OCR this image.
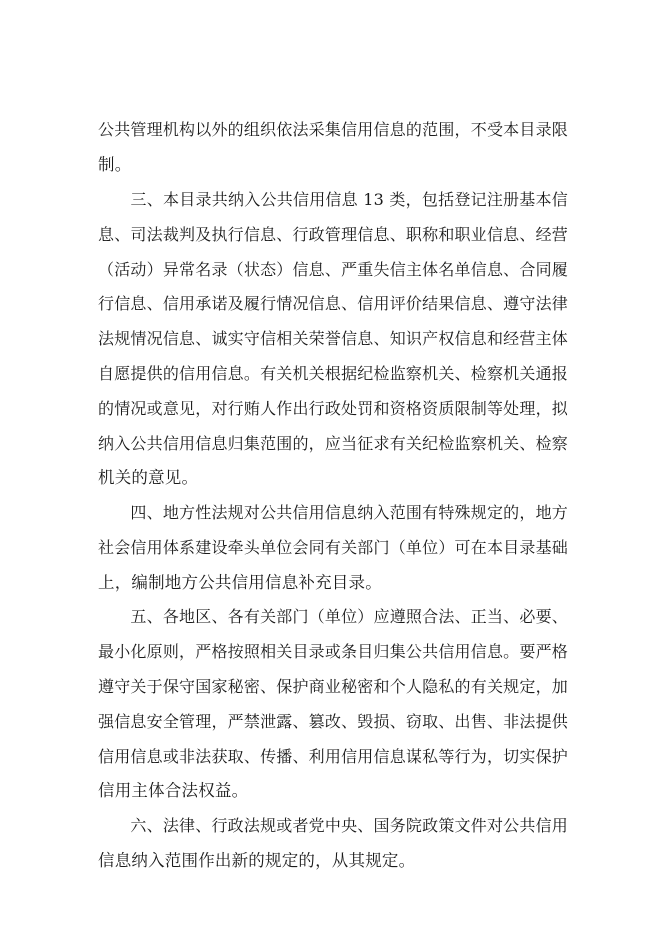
公共管理机构以外的组织依法采集信用信息的范围，不受本目录限
制。
　　三、本目录共纳入公共信用信息 13 类，包括登记注册基本信
息、司法裁判及执行信息、行政管理信息、职称和职业信息、经营
（活动）异常名录（状态）信息、严重失信主体名单信息、合同履
行信息、信用承诺及履行情况信息、信用评价结果信息、遵守法律
法规情况信息、诚实守信相关荣誉信息、知识产权信息和经营主体
自愿提供的信用信息。有关机关根据纪检监察机关、检察机关通报
的情况或意见，对行贿人作出行政处罚和资格资质限制等处理，拟
纳入公共信用信息归集范围的，应当征求有关纪检监察机关、检察
机关的意见。
　　四、地方性法规对公共信用信息纳入范围有特殊规定的，地方
社会信用体系建设牵头单位会同有关部门（单位）可在本目录基础
上，编制地方公共信用信息补充目录。
　　五、各地区、各有关部门（单位）应遵照合法、正当、必要、
最小化原则，严格按照相关目录或条目归集公共信用信息。要严格
遵守关于保守国家秘密、保护商业秘密和个人隐私的有关规定，加
强信息安全管理，严禁泄露、篡改、毁损、窃取、出售、非法提供
信用信息或非法获取、传播、利用信用信息谋私等行为，切实保护
信用主体合法权益。
　　六、法律、行政法规或者党中央、国务院政策文件对公共信用
信息纳入范围作出新的规定的，从其规定。
